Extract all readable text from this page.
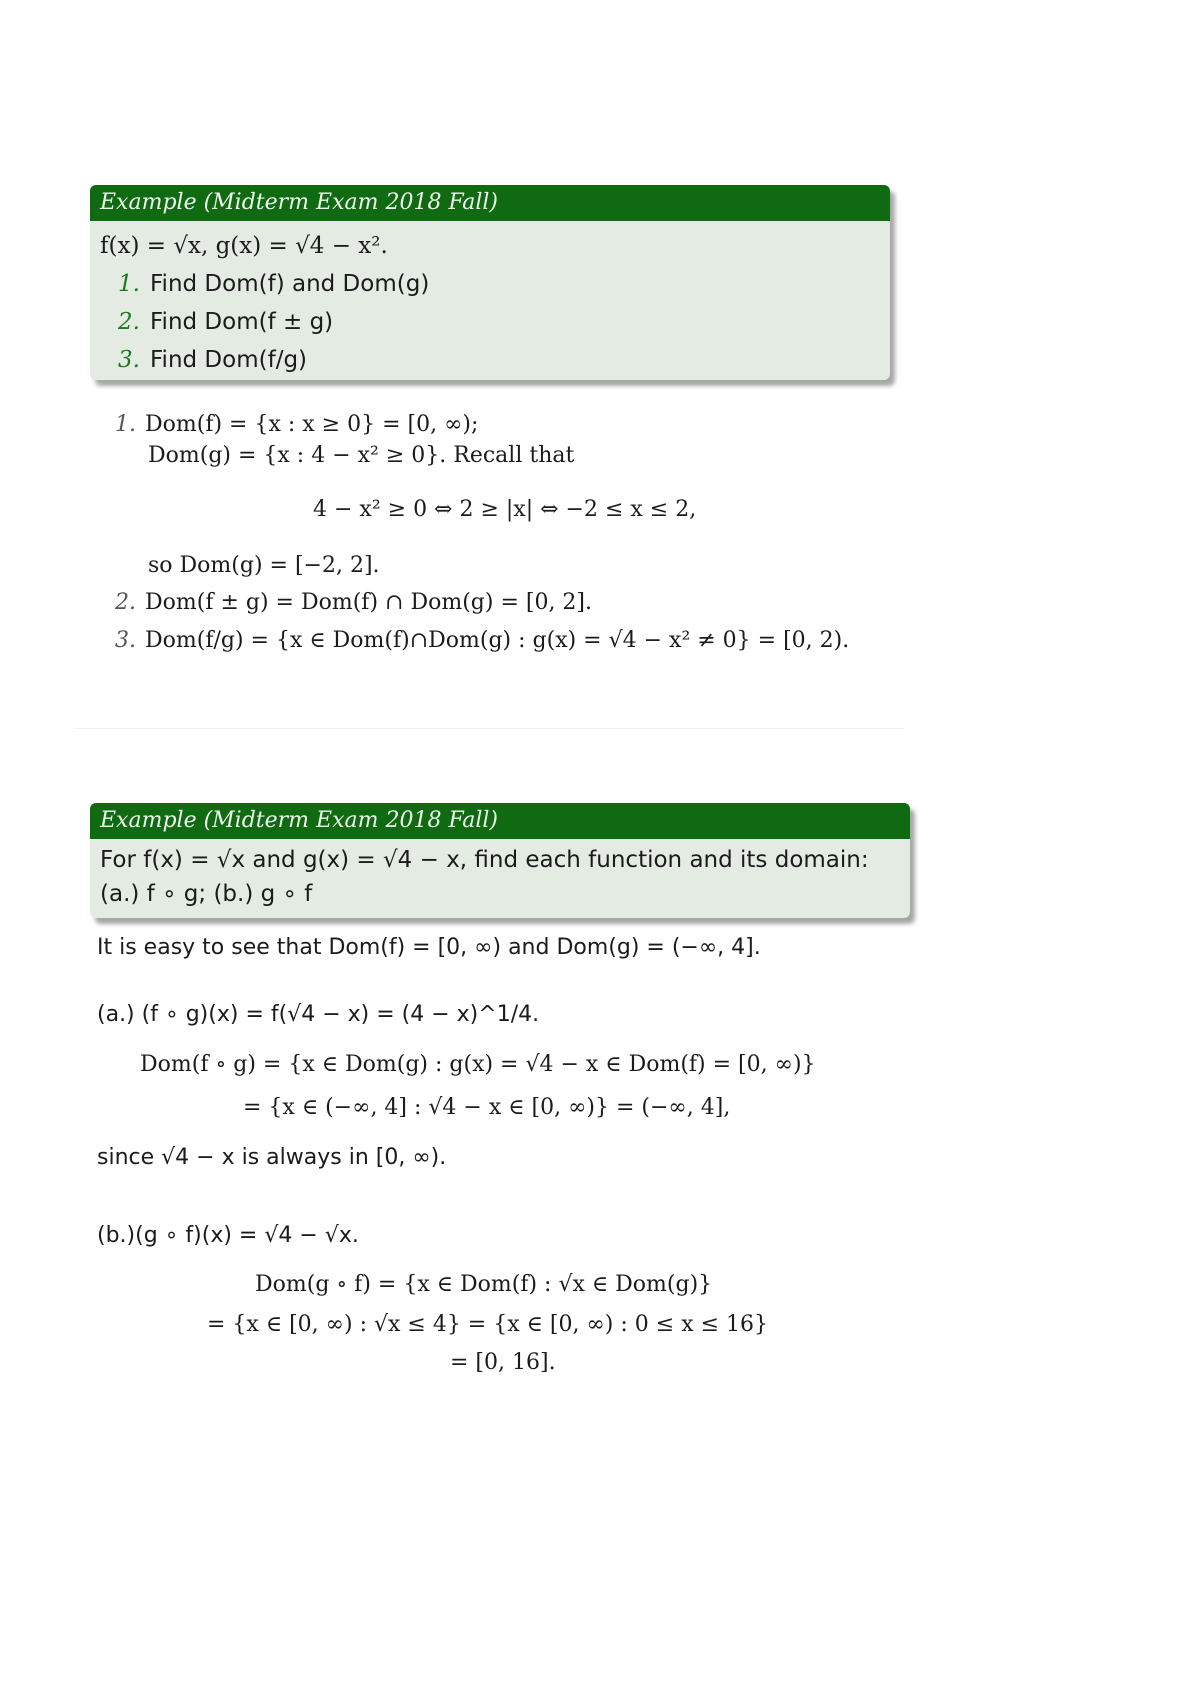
Example (Midterm Exam 2018 Fall)
f(x) = √x, g(x) = √4 − x².
1. Find Dom(f) and Dom(g)
2. Find Dom(f ± g)
3. Find Dom(f/g)
1. Dom(f) = {x : x ≥ 0} = [0, ∞);
Dom(g) = {x : 4 − x² ≥ 0}. Recall that
4 − x² ≥ 0 ⇔ 2 ≥ |x| ⇔ −2 ≤ x ≤ 2,
so Dom(g) = [−2, 2].
2. Dom(f ± g) = Dom(f) ∩ Dom(g) = [0, 2].
3. Dom(f/g) = {x ∈ Dom(f)∩Dom(g) : g(x) = √4 − x² ≠ 0} = [0, 2).
Example (Midterm Exam 2018 Fall)
For f(x) = √x and g(x) = √4 − x, find each function and its domain:
(a.) f ∘ g; (b.) g ∘ f
It is easy to see that Dom(f) = [0, ∞) and Dom(g) = (−∞, 4].
(a.) (f ∘ g)(x) = f(√4 − x) = (4 − x)^1/4.
Dom(f ∘ g) = {x ∈ Dom(g) : g(x) = √4 − x ∈ Dom(f) = [0, ∞)}
= {x ∈ (−∞, 4] : √4 − x ∈ [0, ∞)} = (−∞, 4],
since √4 − x is always in [0, ∞).
(b.)(g ∘ f)(x) = √4 − √x.
Dom(g ∘ f) = {x ∈ Dom(f) : √x ∈ Dom(g)}
= {x ∈ [0, ∞) : √x ≤ 4} = {x ∈ [0, ∞) : 0 ≤ x ≤ 16}
= [0, 16].
